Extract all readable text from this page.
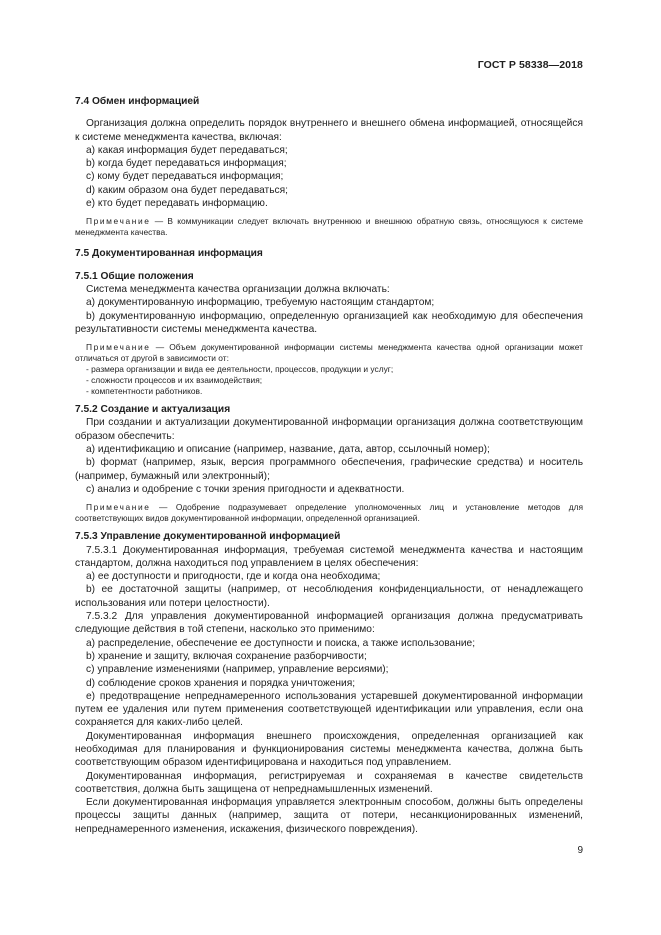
ГОСТ Р 58338—2018

7.4 Обмен информацией

Организация должна определить порядок внутреннего и внешнего обмена информацией, относящейся к системе менеджмента качества, включая:

а) какая информация будет передаваться;

b) когда будет передаваться информация;

с) кому будет передаваться информация;

d) каким образом она будет передаваться;

е) кто будет передавать информацию.

Примечание — В коммуникации следует включать внутреннюю и внешнюю обратную связь, относящуюся к системе менеджмента качества.

7.5 Документированная информация

7.5.1 Общие положения

Система менеджмента качества организации должна включать:

а) документированную информацию, требуемую настоящим стандартом;

b) документированную информацию, определенную организацией как необходимую для обеспечения результативности системы менеджмента качества.

Примечание — Объем документированной информации системы менеджмента качества одной организации может отличаться от другой в зависимости от:

- размера организации и вида ее деятельности, процессов, продукции и услуг;

- сложности процессов и их взаимодействия;

- компетентности работников.

7.5.2 Создание и актуализация

При создании и актуализации документированной информации организация должна соответствующим образом обеспечить:

а) идентификацию и описание (например, название, дата, автор, ссылочный номер);

b) формат (например, язык, версия программного обеспечения, графические средства) и носитель (например, бумажный или электронный);

с) анализ и одобрение с точки зрения пригодности и адекватности.

Примечание — Одобрение подразумевает определение уполномоченных лиц и установление методов для соответствующих видов документированной информации, определенной организацией.

7.5.3 Управление документированной информацией

7.5.3.1 Документированная информация, требуемая системой менеджмента качества и настоящим стандартом, должна находиться под управлением в целях обеспечения:

а) ее доступности и пригодности, где и когда она необходима;

b) ее достаточной защиты (например, от несоблюдения конфиденциальности, от ненадлежащего использования или потери целостности).

7.5.3.2 Для управления документированной информацией организация должна предусматривать следующие действия в той степени, насколько это применимо:

а) распределение, обеспечение ее доступности и поиска, а также использование;

b) хранение и защиту, включая сохранение разборчивости;

с) управление изменениями (например, управление версиями);

d) соблюдение сроков хранения и порядка уничтожения;

е) предотвращение непреднамеренного использования устаревшей документированной информации путем ее удаления или путем применения соответствующей идентификации или управления, если она сохраняется для каких-либо целей.

Документированная информация внешнего происхождения, определенная организацией как необходимая для планирования и функционирования системы менеджмента качества, должна быть соответствующим образом идентифицирована и находиться под управлением.

Документированная информация, регистрируемая и сохраняемая в качестве свидетельств соответствия, должна быть защищена от непреднамышленных изменений.

Если документированная информация управляется электронным способом, должны быть определены процессы защиты данных (например, защита от потери, несанкционированных изменений, непреднамеренного изменения, искажения, физического повреждения).

9
